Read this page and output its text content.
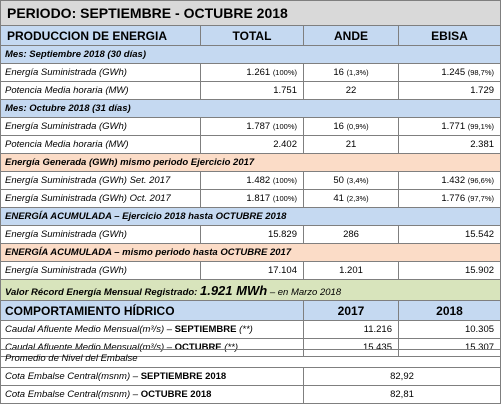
PERIODO: SEPTIEMBRE - OCTUBRE 2018			
PRODUCCION DE ENERGIA	TOTAL	ANDE	EBISA
Mes: Septiembre 2018 (30 días)			
Energía Suministrada (GWh)	1.261 (100%)	16 (1,3%)	1.245 (98,7%)
Potencia Media horaria (MW)	1.751	22	1.729
Mes: Octubre 2018 (31 días)			
Energía Suministrada (GWh)	1.787 (100%)	16 (0,9%)	1.771 (99,1%)
Potencia Media horaria (MW)	2.402	21	2.381
Energía Generada (GWh) mismo periodo Ejercicio 2017			
Energía Suministrada (GWh) Set. 2017	1.482 (100%)	50 (3,4%)	1.432 (96,6%)
Energía Suministrada (GWh) Oct. 2017	1.817 (100%)	41 (2,3%)	1.776 (97,7%)
ENERGÍA ACUMULADA – Ejercicio 2018 hasta OCTUBRE 2018			
Energía Suministrada (GWh)	15.829	286	15.542
ENERGÍA ACUMULADA – mismo periodo hasta OCTUBRE 2017			
Energía Suministrada (GWh)	17.104	1.201	15.902
Valor Récord Energía Mensual Registrado: 1.921 MWh – en Marzo 2018			
COMPORTAMIENTO HÍDRICO		2017	2018
Caudal Afluente Medio Mensual(m³/s) – SEPTIEMBRE (**)		11.216	10.305
Caudal Afluente Medio Mensual(m³/s) – OCTUBRE (**)		15.435	15.307
Promedio de Nivel del Embalse	
Cota Embalse Central(msnm) – SEPTIEMBRE 2018	82,92
Cota Embalse Central(msnm) – OCTUBRE 2018	82,81
